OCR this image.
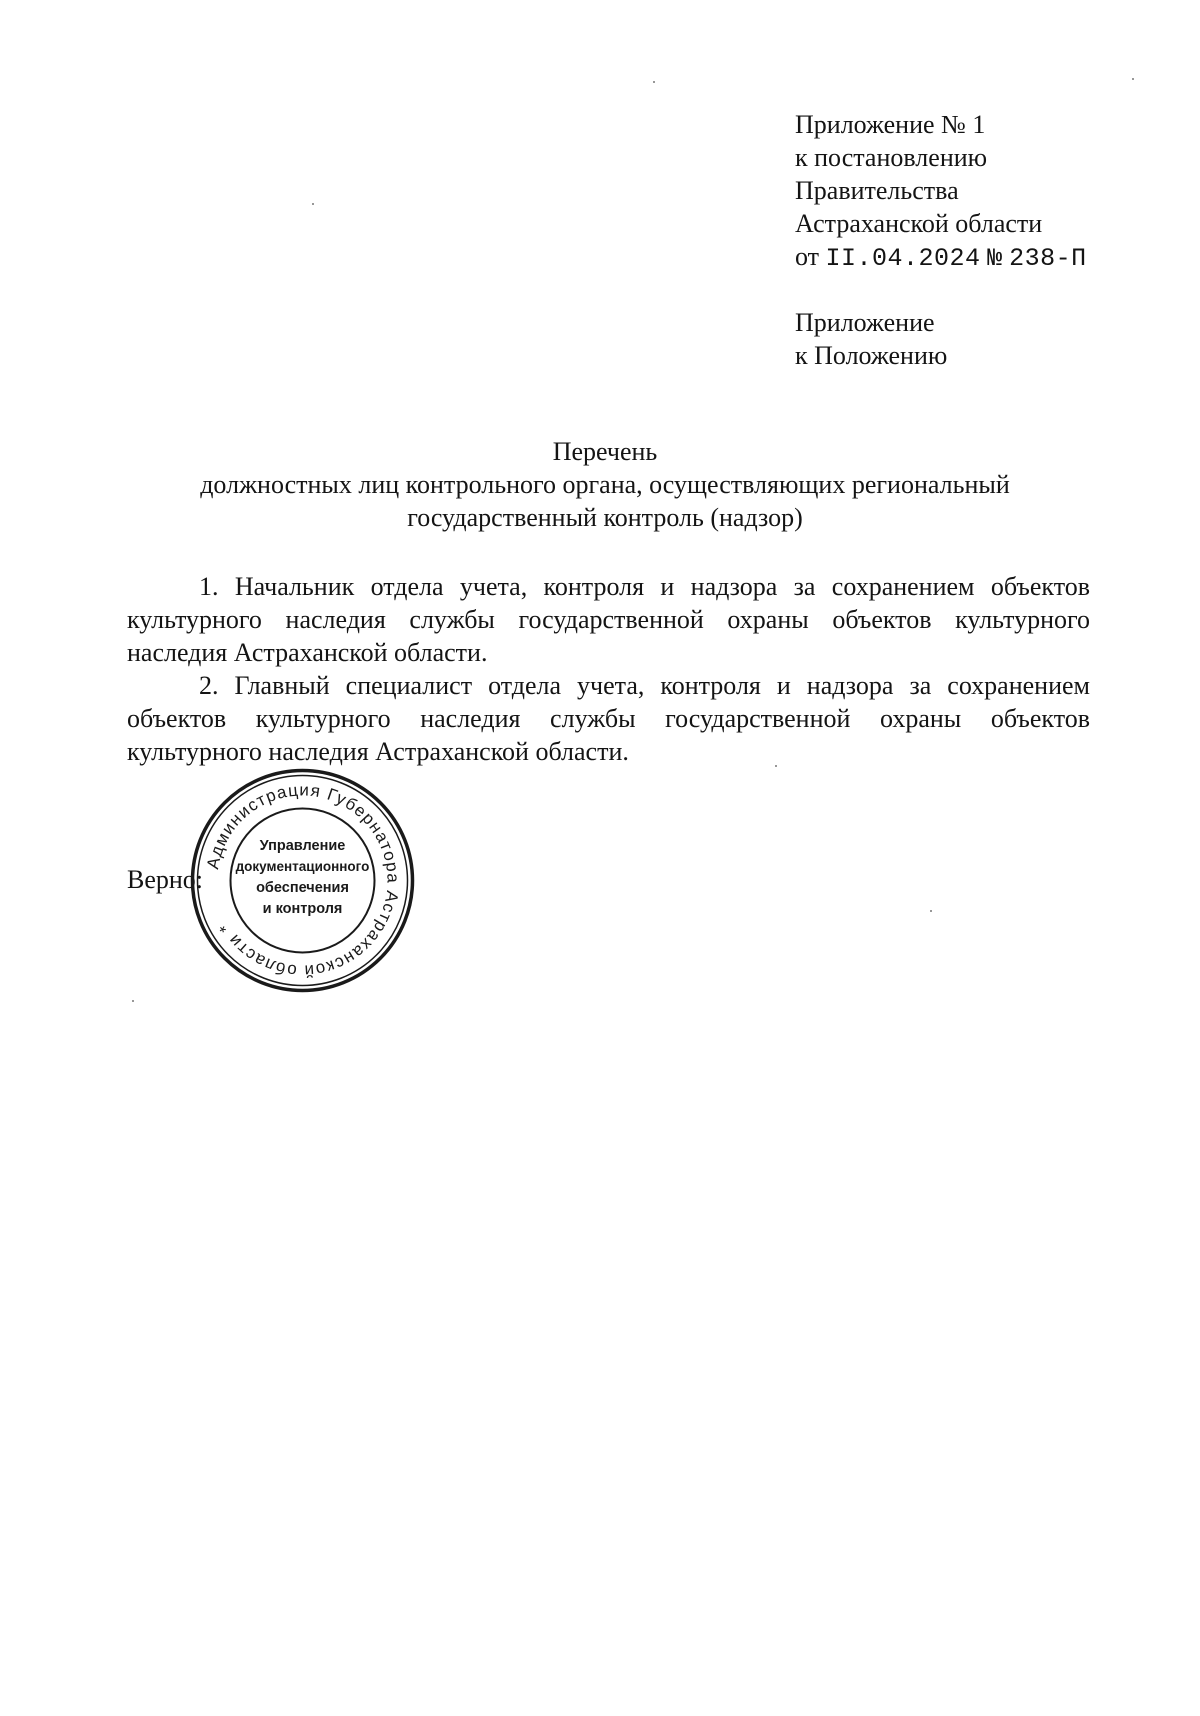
Приложение № 1
к постановлению
Правительства
Астраханской области
от II.04.2024 № 238-П
Приложение
к Положению
Перечень
должностных лиц контрольного органа, осуществляющих региональный
государственный контроль (надзор)

1. Начальник отдела учета, контроля и надзора за сохранением объектов культурного наследия службы государственной охраны объектов культурного наследия Астраханской области.

2. Главный специалист отдела учета, контроля и надзора за сохранением объектов культурного наследия службы государственной охраны объектов культурного наследия Астраханской области.

Верно:
Администрация Губернатора Астраханской области *
Управление
документационного
обеспечения
и контроля
